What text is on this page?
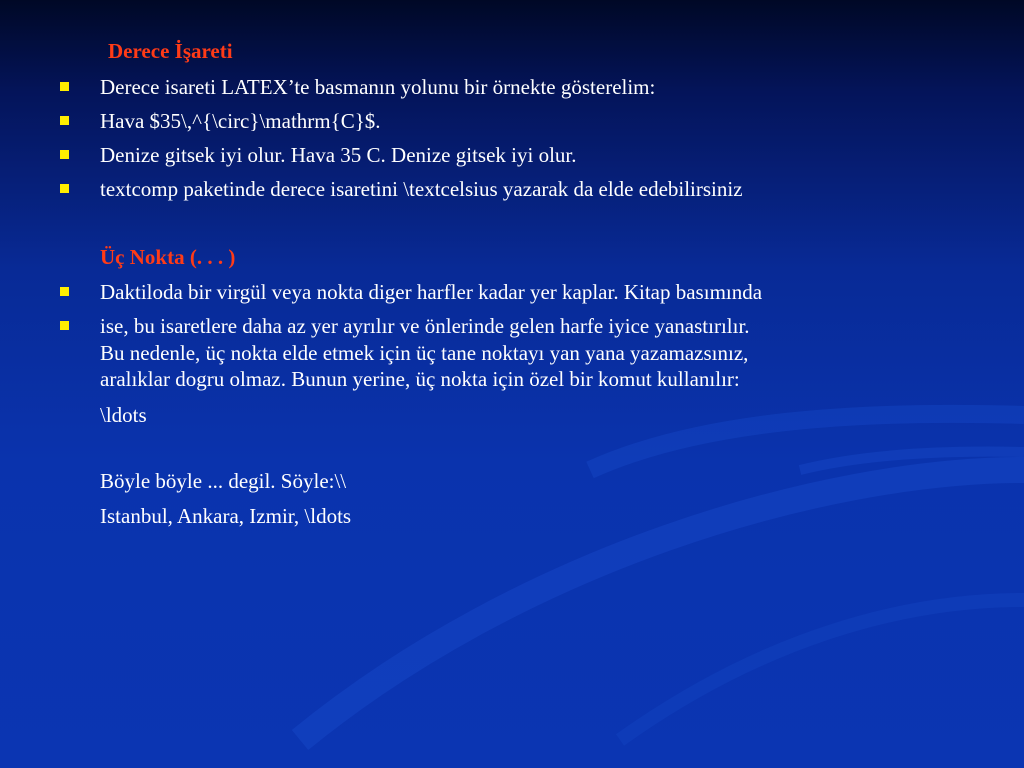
Derece İşareti
Derece isareti LATEX’te basmanın yolunu bir örnekte gösterelim:
Hava $35\,^{\circ}\mathrm{C}$.
Denize gitsek iyi olur. Hava 35 C. Denize gitsek iyi olur.
textcomp paketinde derece isaretini \textcelsius yazarak da elde edebilirsiniz
Üç Nokta (. . . )
Daktiloda bir virgül veya nokta diger harfler kadar yer kaplar. Kitap basımında
ise, bu isaretlere daha az yer ayrılır ve önlerinde gelen harfe iyice yanastırılır.
Bu nedenle, üç nokta elde etmek için üç tane noktayı yan yana yazamazsınız,
aralıklar dogru olmaz. Bunun yerine, üç nokta için özel bir komut kullanılır:
\ldots
Böyle böyle ... degil. Söyle:\\
Istanbul, Ankara, Izmir, \ldots
